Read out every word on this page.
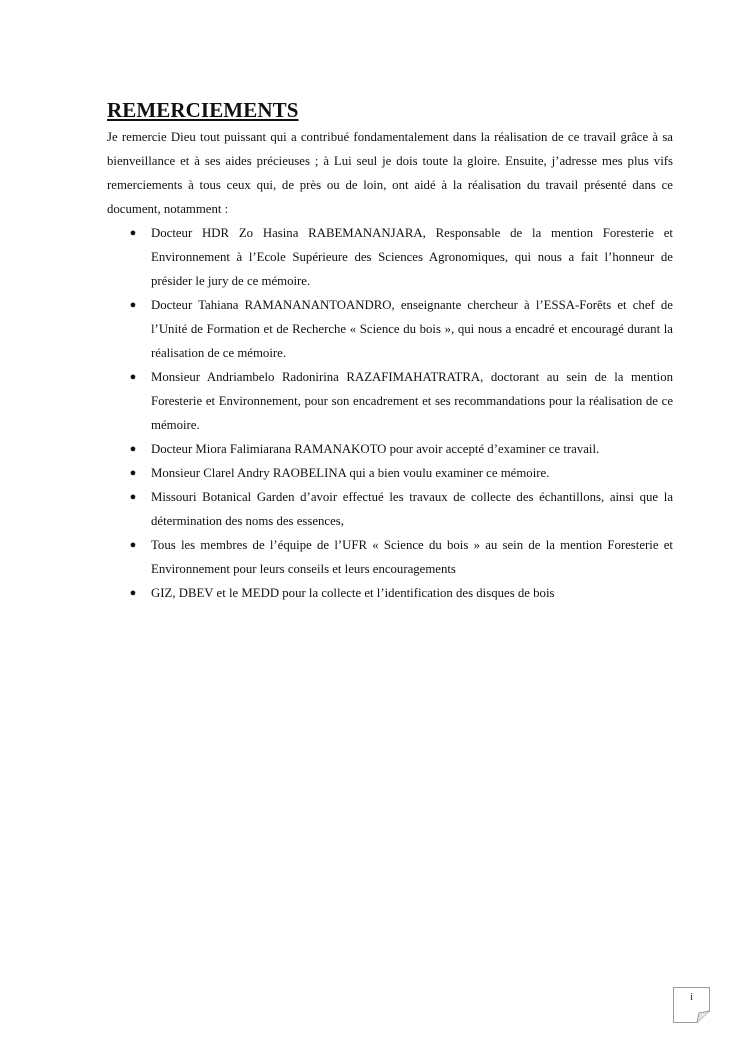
REMERCIEMENTS

Je remercie Dieu tout puissant qui a contribué fondamentalement dans la réalisation de ce travail grâce à sa bienveillance et à ses aides précieuses ; à Lui seul je dois toute la gloire. Ensuite, j’adresse mes plus vifs remerciements à tous ceux qui, de près ou de loin, ont aidé à la réalisation du travail présenté dans ce document, notamment :

● Docteur HDR Zo Hasina RABEMANANJARA, Responsable de la mention Foresterie et Environnement à l’Ecole Supérieure des Sciences Agronomiques, qui nous a fait l’honneur de présider le jury de ce mémoire.
● Docteur Tahiana RAMANANANTOANDRO, enseignante chercheur à l’ESSA-Forêts et chef de l’Unité de Formation et de Recherche « Science du bois », qui nous a encadré et encouragé durant la réalisation de ce mémoire.
● Monsieur Andriambelo Radonirina RAZAFIMAHATRATRA, doctorant au sein de la mention Foresterie et Environnement, pour son encadrement et ses recommandations pour la réalisation de ce mémoire.
● Docteur Miora Falimiarana RAMANAKOTO pour avoir accepté d’examiner ce travail.
● Monsieur Clarel Andry RAOBELINA qui a bien voulu examiner ce mémoire.
● Missouri Botanical Garden d’avoir effectué les travaux de collecte des échantillons, ainsi que la détermination des noms des essences,
● Tous les membres de l’équipe de l’UFR « Science du bois » au sein de la mention Foresterie et Environnement pour leurs conseils et leurs encouragements
● GIZ, DBEV et le MEDD pour la collecte et l’identification des disques de bois
i
